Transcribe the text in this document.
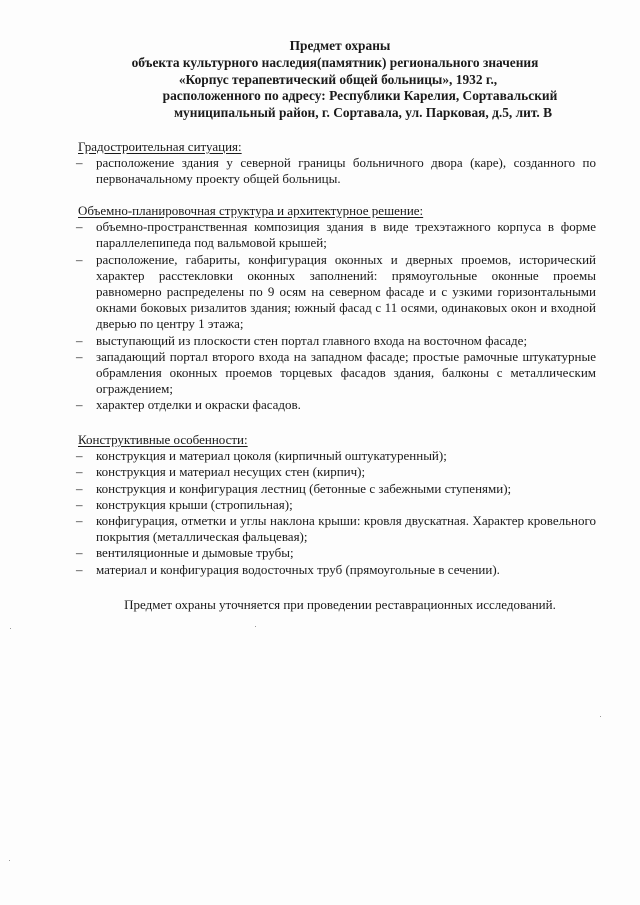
Предмет охраны
объекта культурного наследия(памятник) регионального значения
«Корпус терапевтический общей больницы», 1932 г.,
расположенного по адресу: Республики Карелия, Сортавальский
муниципальный район, г. Сортавала, ул. Парковая, д.5, лит. В
Градостроительная ситуация:
– расположение здания у северной границы больничного двора (каре), созданного по первоначальному проекту общей больницы.
Объемно-планировочная структура и архитектурное решение:
– объемно-пространственная композиция здания в виде трехэтажного корпуса в форме параллелепипеда под вальмовой крышей;
– расположение, габариты, конфигурация оконных и дверных проемов, исторический характер расстекловки оконных заполнений: прямоугольные оконные проемы равномерно распределены по 9 осям на северном фасаде и с узкими горизонтальными окнами боковых ризалитов здания; южный фасад с 11 осями, одинаковых окон и входной дверью по центру 1 этажа;
– выступающий из плоскости стен портал главного входа на восточном фасаде;
– западающий портал второго входа на западном фасаде; простые рамочные штукатурные обрамления оконных проемов торцевых фасадов здания, балконы с металлическим ограждением;
– характер отделки и окраски фасадов.
Конструктивные особенности:
– конструкция и материал цоколя (кирпичный оштукатуренный);
– конструкция и материал несущих стен (кирпич);
– конструкция и конфигурация лестниц (бетонные с забежными ступенями);
– конструкция крыши (стропильная);
– конфигурация, отметки и углы наклона крыши: кровля двускатная. Характер кровельного покрытия (металлическая фальцевая);
– вентиляционные и дымовые трубы;
– материал и конфигурация водосточных труб (прямоугольные в сечении).
Предмет охраны уточняется при проведении реставрационных исследований.
